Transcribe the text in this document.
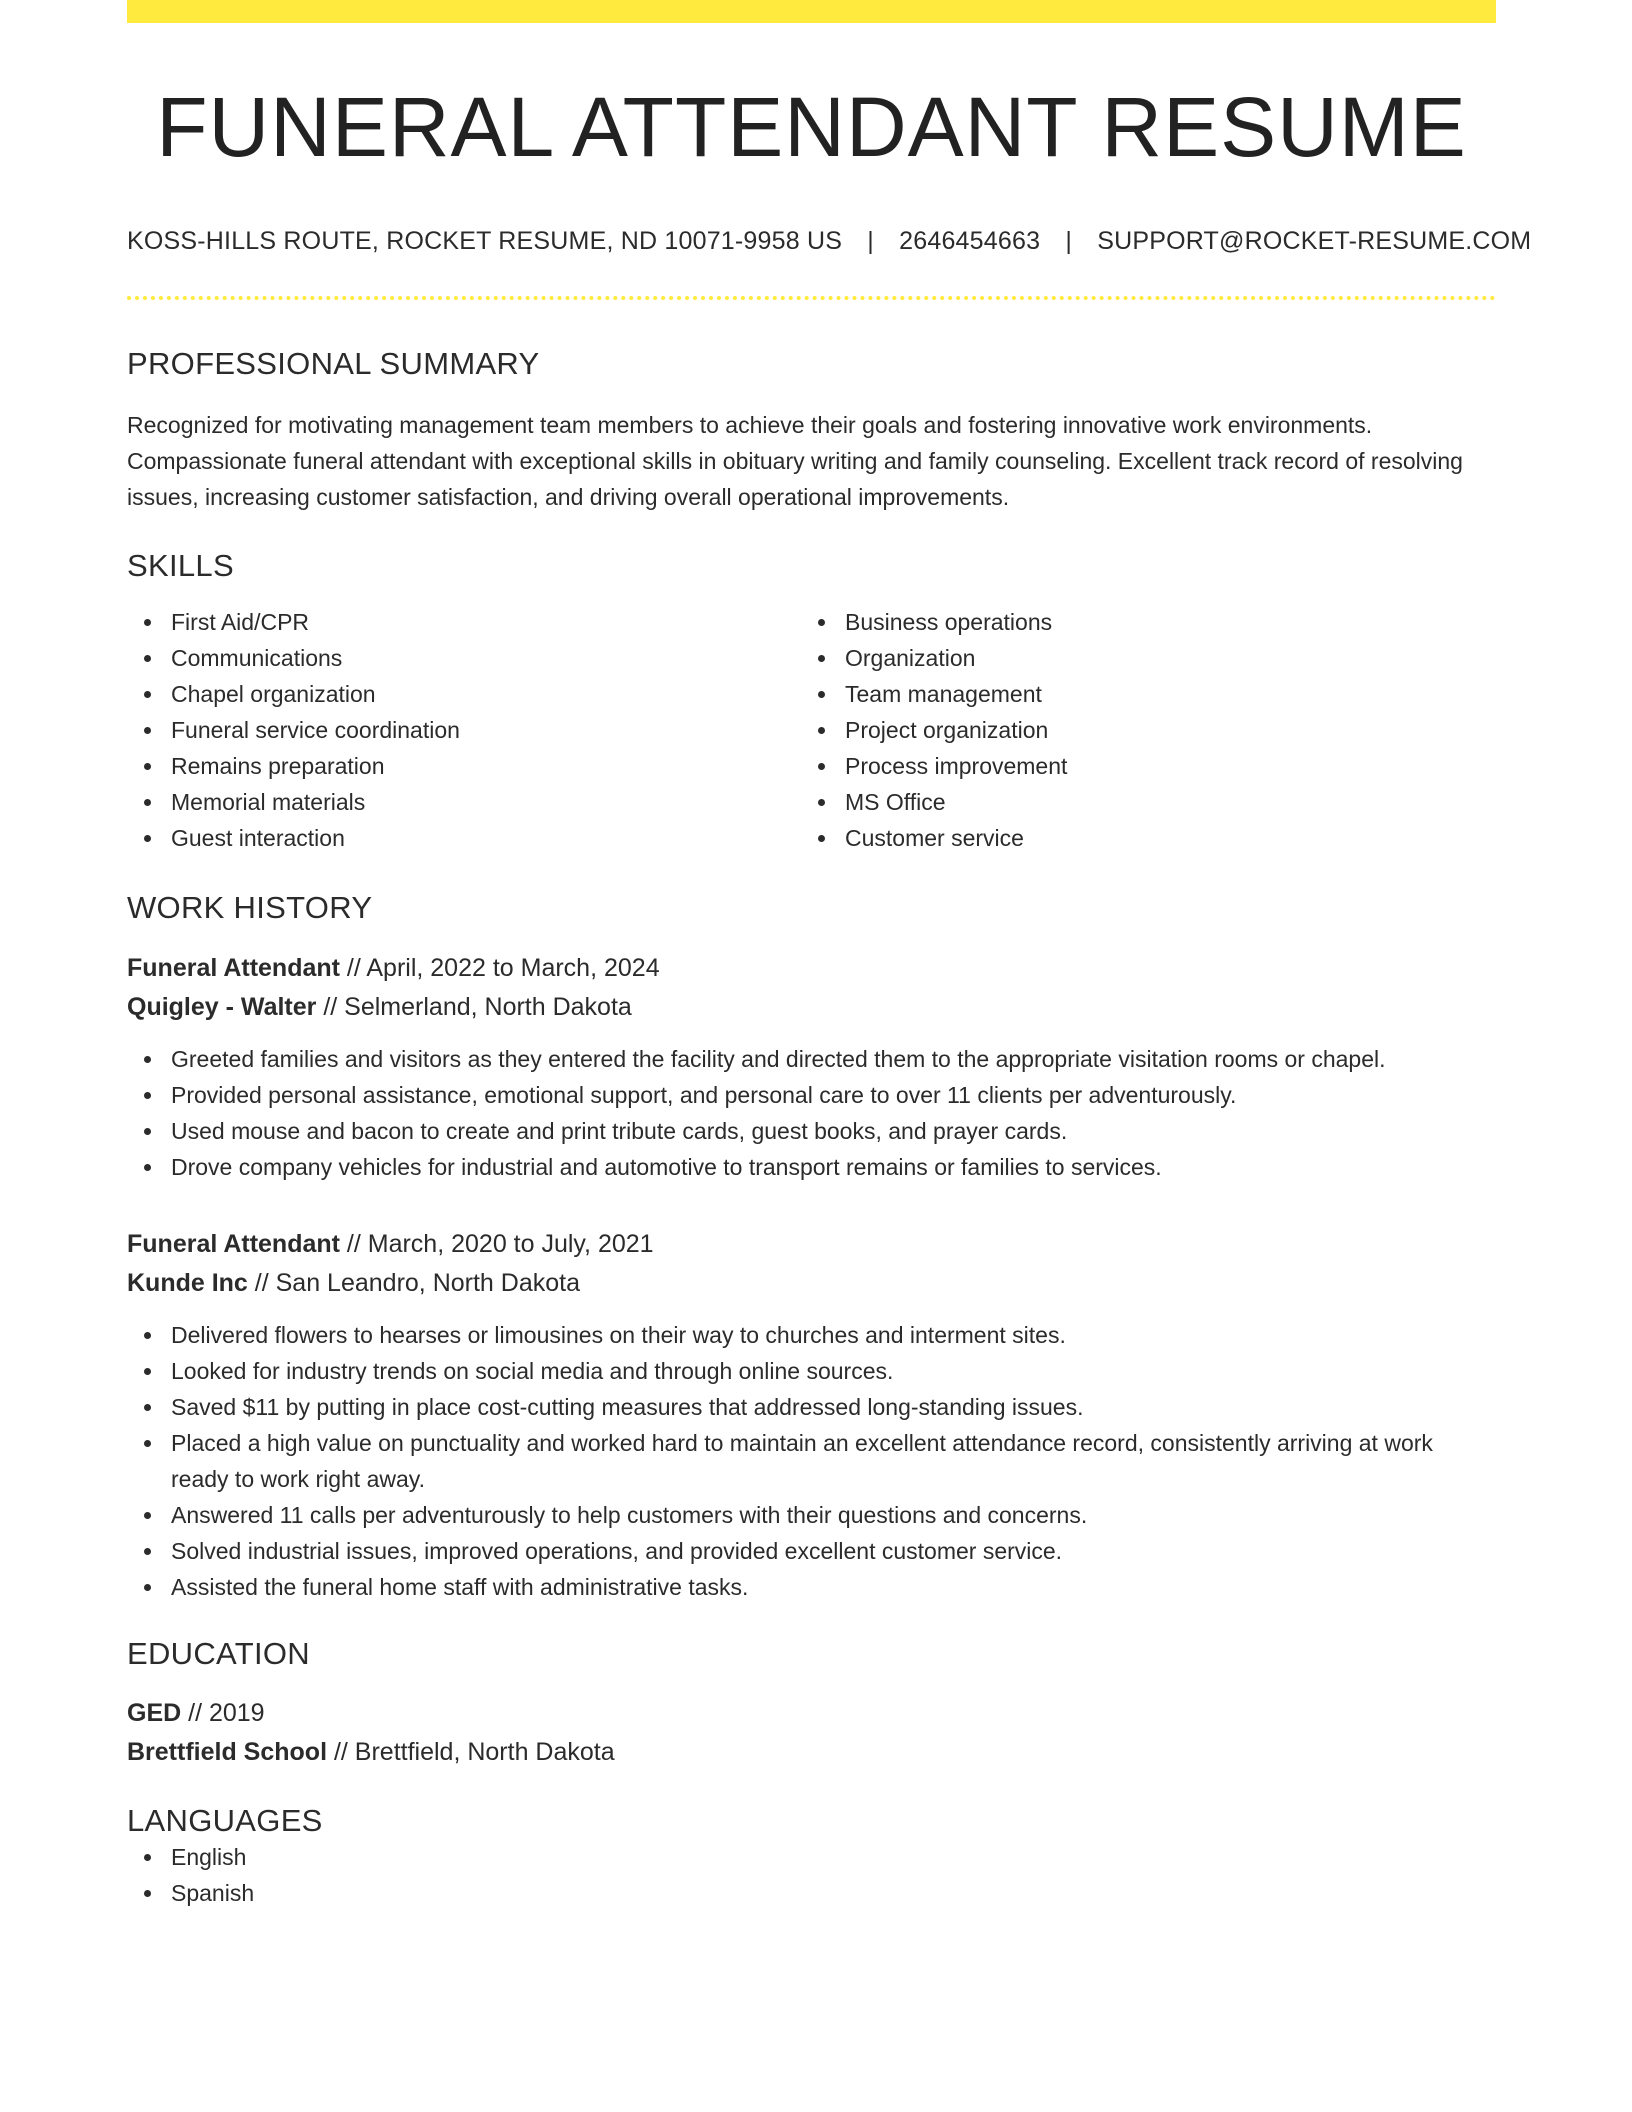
FUNERAL ATTENDANT RESUME
KOSS-HILLS ROUTE, ROCKET RESUME, ND 10071-9958 US | 2646454663 | SUPPORT@ROCKET-RESUME.COM
PROFESSIONAL SUMMARY
Recognized for motivating management team members to achieve their goals and fostering innovative work environments. Compassionate funeral attendant with exceptional skills in obituary writing and family counseling. Excellent track record of resolving issues, increasing customer satisfaction, and driving overall operational improvements.
SKILLS
First Aid/CPR
Communications
Chapel organization
Funeral service coordination
Remains preparation
Memorial materials
Guest interaction
Business operations
Organization
Team management
Project organization
Process improvement
MS Office
Customer service
WORK HISTORY
Funeral Attendant // April, 2022 to March, 2024
Quigley - Walter // Selmerland, North Dakota
Greeted families and visitors as they entered the facility and directed them to the appropriate visitation rooms or chapel.
Provided personal assistance, emotional support, and personal care to over 11 clients per adventurously.
Used mouse and bacon to create and print tribute cards, guest books, and prayer cards.
Drove company vehicles for industrial and automotive to transport remains or families to services.
Funeral Attendant // March, 2020 to July, 2021
Kunde Inc // San Leandro, North Dakota
Delivered flowers to hearses or limousines on their way to churches and interment sites.
Looked for industry trends on social media and through online sources.
Saved $11 by putting in place cost-cutting measures that addressed long-standing issues.
Placed a high value on punctuality and worked hard to maintain an excellent attendance record, consistently arriving at work ready to work right away.
Answered 11 calls per adventurously to help customers with their questions and concerns.
Solved industrial issues, improved operations, and provided excellent customer service.
Assisted the funeral home staff with administrative tasks.
EDUCATION
GED // 2019
Brettfield School // Brettfield, North Dakota
LANGUAGES
English
Spanish
